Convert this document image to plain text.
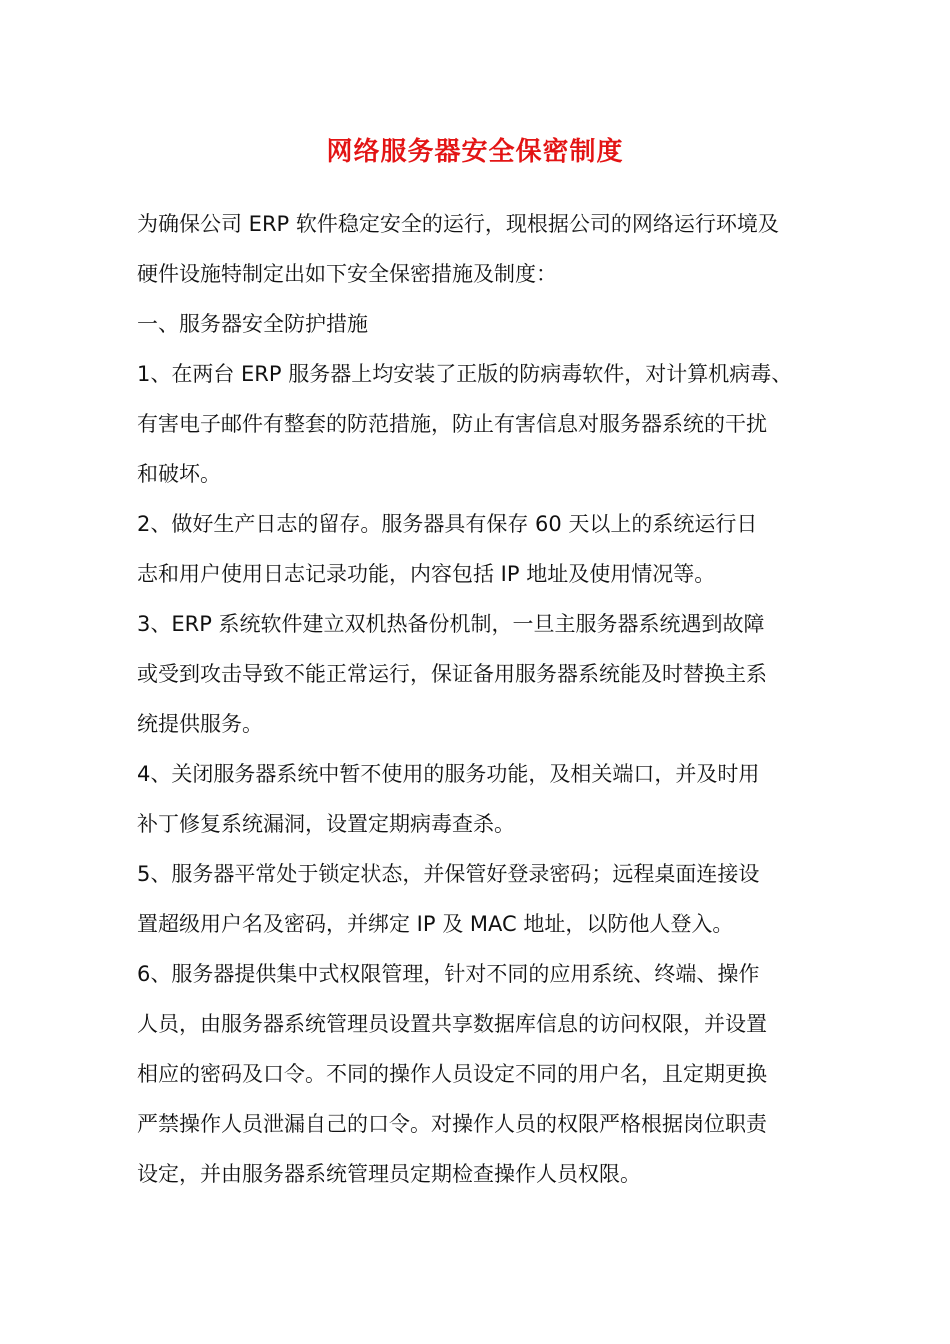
网络服务器安全保密制度
为确保公司 ERP 软件稳定安全的运行，现根据公司的网络运行环境及
硬件设施特制定出如下安全保密措施及制度：
一、服务器安全防护措施
1、在两台 ERP 服务器上均安装了正版的防病毒软件，对计算机病毒、
有害电子邮件有整套的防范措施，防止有害信息对服务器系统的干扰
和破坏。
2、做好生产日志的留存。服务器具有保存 60 天以上的系统运行日
志和用户使用日志记录功能，内容包括 IP 地址及使用情况等。
3、ERP 系统软件建立双机热备份机制，一旦主服务器系统遇到故障
或受到攻击导致不能正常运行，保证备用服务器系统能及时替换主系
统提供服务。
4、关闭服务器系统中暂不使用的服务功能，及相关端口，并及时用
补丁修复系统漏洞，设置定期病毒查杀。
5、服务器平常处于锁定状态，并保管好登录密码；远程桌面连接设
置超级用户名及密码，并绑定 IP 及 MAC 地址，以防他人登入。
6、服务器提供集中式权限管理，针对不同的应用系统、终端、操作
人员，由服务器系统管理员设置共享数据库信息的访问权限，并设置
相应的密码及口令。不同的操作人员设定不同的用户名，且定期更换
严禁操作人员泄漏自己的口令。对操作人员的权限严格根据岗位职责
设定，并由服务器系统管理员定期检查操作人员权限。
